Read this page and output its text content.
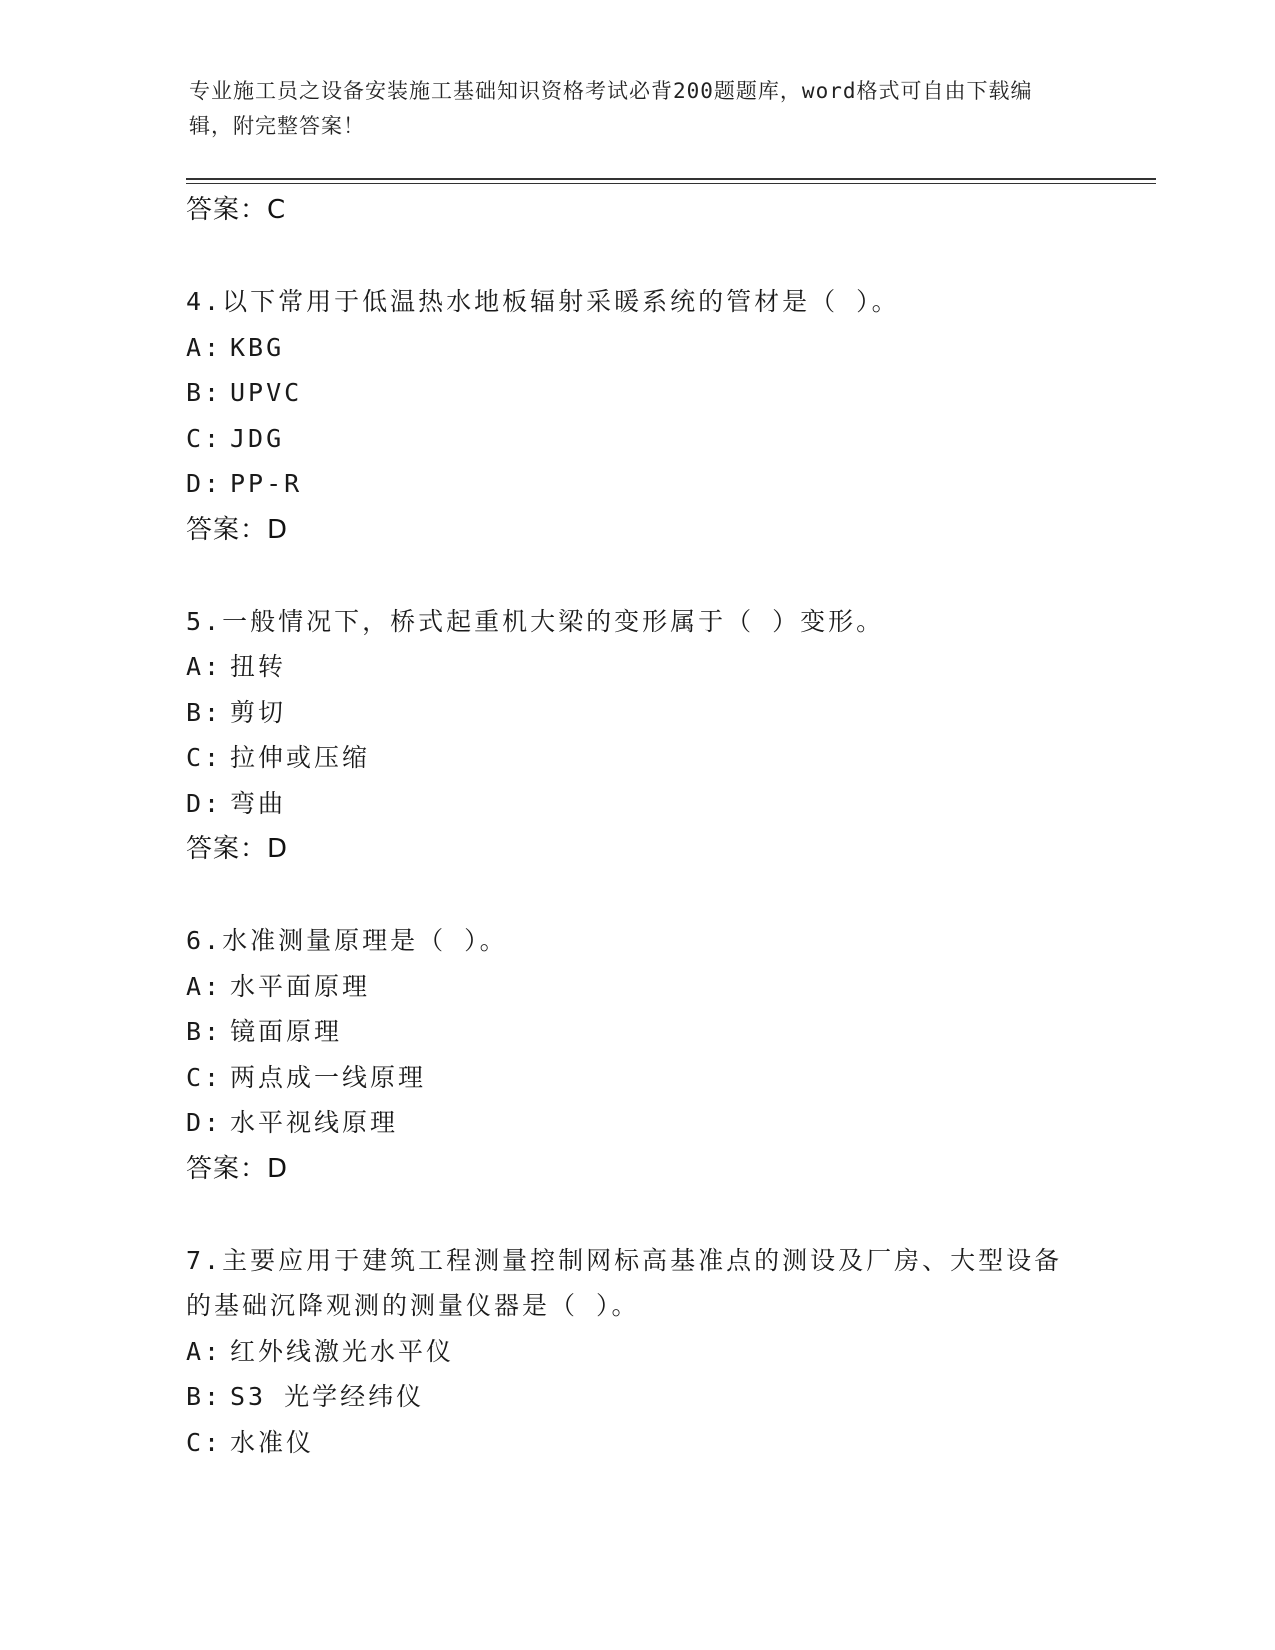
专业施工员之设备安装施工基础知识资格考试必背200题题库，word格式可自由下载编辑，附完整答案！
答案：C
4.以下常用于低温热水地板辐射采暖系统的管材是（ ）。
A: KBG
B: UPVC
C: JDG
D: PP-R
答案：D
5.一般情况下，桥式起重机大梁的变形属于（ ）变形。
A: 扭转
B: 剪切
C: 拉伸或压缩
D: 弯曲
答案：D
6.水准测量原理是（ ）。
A: 水平面原理
B: 镜面原理
C: 两点成一线原理
D: 水平视线原理
答案：D
7.主要应用于建筑工程测量控制网标高基准点的测设及厂房、大型设备的基础沉降观测的测量仪器是（ ）。
A: 红外线激光水平仪
B: S3 光学经纬仪
C: 水准仪
